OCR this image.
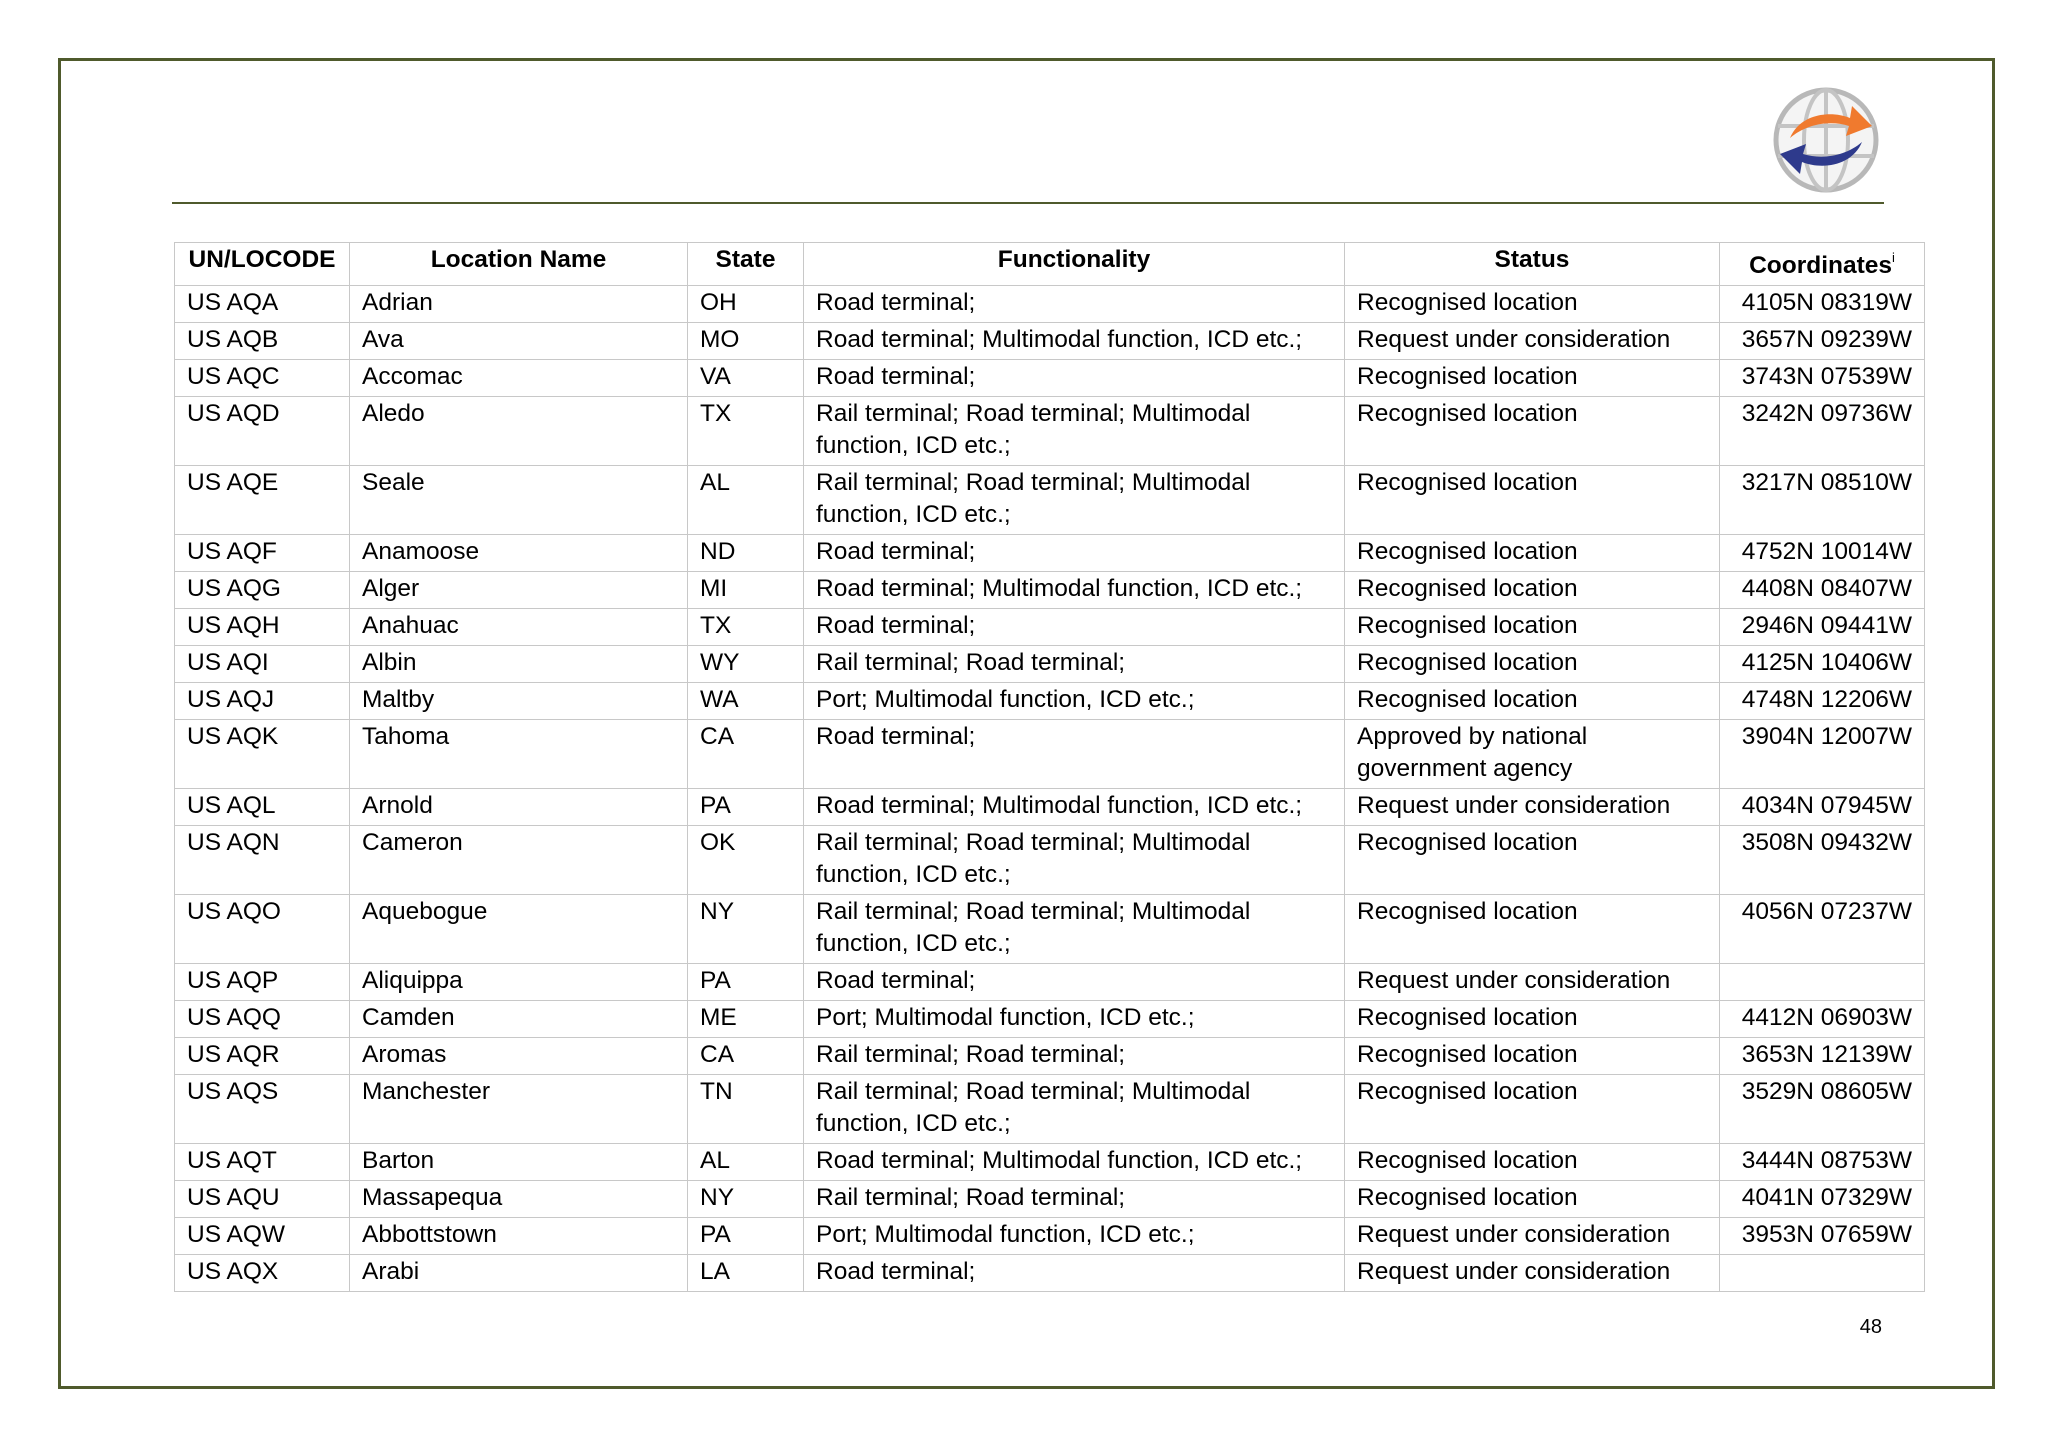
UN/LOCODE	Location Name	State	Functionality	Status	Coordinates$^i$
US AQA	Adrian	OH	Road terminal;	Recognised location	4105N 08319W
US AQB	Ava	MO	Road terminal; Multimodal function, ICD etc.;	Request under consideration	3657N 09239W
US AQC	Accomac	VA	Road terminal;	Recognised location	3743N 07539W
US AQD	Aledo	TX	Rail terminal; Road terminal; Multimodal function, ICD etc.;	Recognised location	3242N 09736W
US AQE	Seale	AL	Rail terminal; Road terminal; Multimodal function, ICD etc.;	Recognised location	3217N 08510W
US AQF	Anamoose	ND	Road terminal;	Recognised location	4752N 10014W
US AQG	Alger	MI	Road terminal; Multimodal function, ICD etc.;	Recognised location	4408N 08407W
US AQH	Anahuac	TX	Road terminal;	Recognised location	2946N 09441W
US AQI	Albin	WY	Rail terminal; Road terminal;	Recognised location	4125N 10406W
US AQJ	Maltby	WA	Port; Multimodal function, ICD etc.;	Recognised location	4748N 12206W
US AQK	Tahoma	CA	Road terminal;	Approved by national government agency	3904N 12007W
US AQL	Arnold	PA	Road terminal; Multimodal function, ICD etc.;	Request under consideration	4034N 07945W
US AQN	Cameron	OK	Rail terminal; Road terminal; Multimodal function, ICD etc.;	Recognised location	3508N 09432W
US AQO	Aquebogue	NY	Rail terminal; Road terminal; Multimodal function, ICD etc.;	Recognised location	4056N 07237W
US AQP	Aliquippa	PA	Road terminal;	Request under consideration	
US AQQ	Camden	ME	Port; Multimodal function, ICD etc.;	Recognised location	4412N 06903W
US AQR	Aromas	CA	Rail terminal; Road terminal;	Recognised location	3653N 12139W
US AQS	Manchester	TN	Rail terminal; Road terminal; Multimodal function, ICD etc.;	Recognised location	3529N 08605W
US AQT	Barton	AL	Road terminal; Multimodal function, ICD etc.;	Recognised location	3444N 08753W
US AQU	Massapequa	NY	Rail terminal; Road terminal;	Recognised location	4041N 07329W
US AQW	Abbottstown	PA	Port; Multimodal function, ICD etc.;	Request under consideration	3953N 07659W
US AQX	Arabi	LA	Road terminal;	Request under consideration	
48
